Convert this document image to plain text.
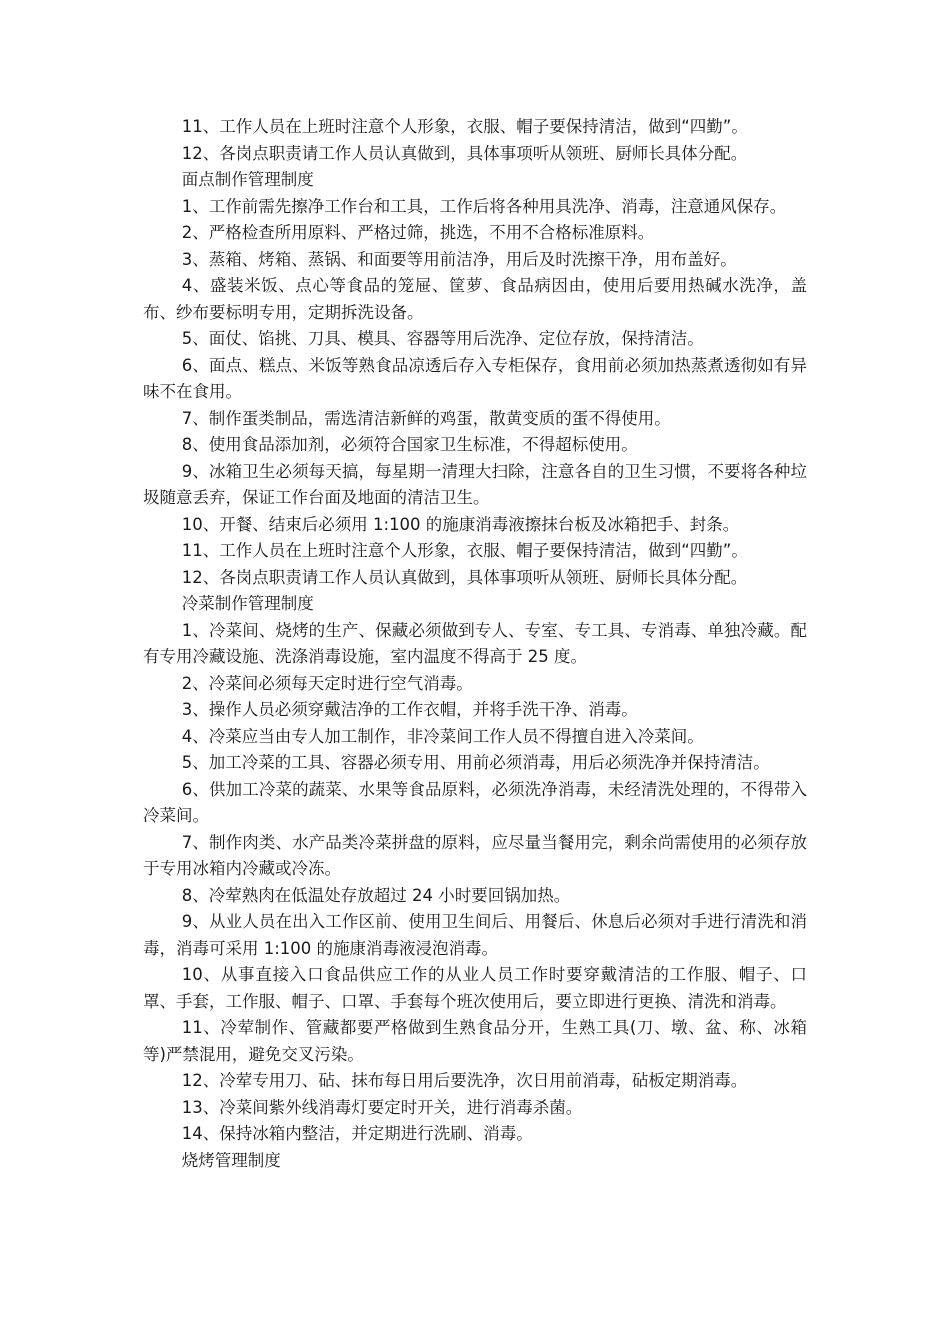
11、工作人员在上班时注意个人形象，衣服、帽子要保持清洁，做到“四勤”。

12、各岗点职责请工作人员认真做到，具体事项听从领班、厨师长具体分配。

面点制作管理制度

1、工作前需先擦净工作台和工具，工作后将各种用具洗净、消毒，注意通风保存。

2、严格检查所用原料、严格过筛，挑选，不用不合格标准原料。

3、蒸箱、烤箱、蒸锅、和面要等用前洁净，用后及时洗擦干净，用布盖好。

4、盛装米饭、点心等食品的笼屉、筐萝、食品病因由，使用后要用热碱水洗净，盖布、纱布要标明专用，定期拆洗设备。

5、面仗、馅挑、刀具、模具、容器等用后洗净、定位存放，保持清洁。

6、面点、糕点、米饭等熟食品凉透后存入专柜保存，食用前必须加热蒸煮透彻如有异味不在食用。

7、制作蛋类制品，需选清洁新鲜的鸡蛋，散黄变质的蛋不得使用。

8、使用食品添加剂，必须符合国家卫生标准，不得超标使用。

9、冰箱卫生必须每天搞，每星期一清理大扫除，注意各自的卫生习惯，不要将各种垃圾随意丢弃，保证工作台面及地面的清洁卫生。

10、开餐、结束后必须用 1:100 的施康消毒液擦抹台板及冰箱把手、封条。

11、工作人员在上班时注意个人形象，衣服、帽子要保持清洁，做到“四勤”。

12、各岗点职责请工作人员认真做到，具体事项听从领班、厨师长具体分配。

冷菜制作管理制度

1、冷菜间、烧烤的生产、保藏必须做到专人、专室、专工具、专消毒、单独冷藏。配有专用冷藏设施、洗涤消毒设施，室内温度不得高于 25 度。

2、冷菜间必须每天定时进行空气消毒。

3、操作人员必须穿戴洁净的工作衣帽，并将手洗干净、消毒。

4、冷菜应当由专人加工制作，非冷菜间工作人员不得擅自进入冷菜间。

5、加工冷菜的工具、容器必须专用、用前必须消毒，用后必须洗净并保持清洁。

6、供加工冷菜的蔬菜、水果等食品原料，必须洗净消毒，未经清洗处理的，不得带入冷菜间。

7、制作肉类、水产品类冷菜拼盘的原料，应尽量当餐用完，剩余尚需使用的必须存放于专用冰箱内冷藏或冷冻。

8、冷荤熟肉在低温处存放超过 24 小时要回锅加热。

9、从业人员在出入工作区前、使用卫生间后、用餐后、休息后必须对手进行清洗和消毒，消毒可采用 1:100 的施康消毒液浸泡消毒。

10、从事直接入口食品供应工作的从业人员工作时要穿戴清洁的工作服、帽子、口罩、手套，工作服、帽子、口罩、手套每个班次使用后，要立即进行更换、清洗和消毒。

11、冷荤制作、管藏都要严格做到生熟食品分开，生熟工具(刀、墩、盆、称、冰箱等)严禁混用，避免交叉污染。

12、冷荤专用刀、砧、抹布每日用后要洗净，次日用前消毒，砧板定期消毒。

13、冷菜间紫外线消毒灯要定时开关，进行消毒杀菌。

14、保持冰箱内整洁，并定期进行洗刷、消毒。

烧烤管理制度
